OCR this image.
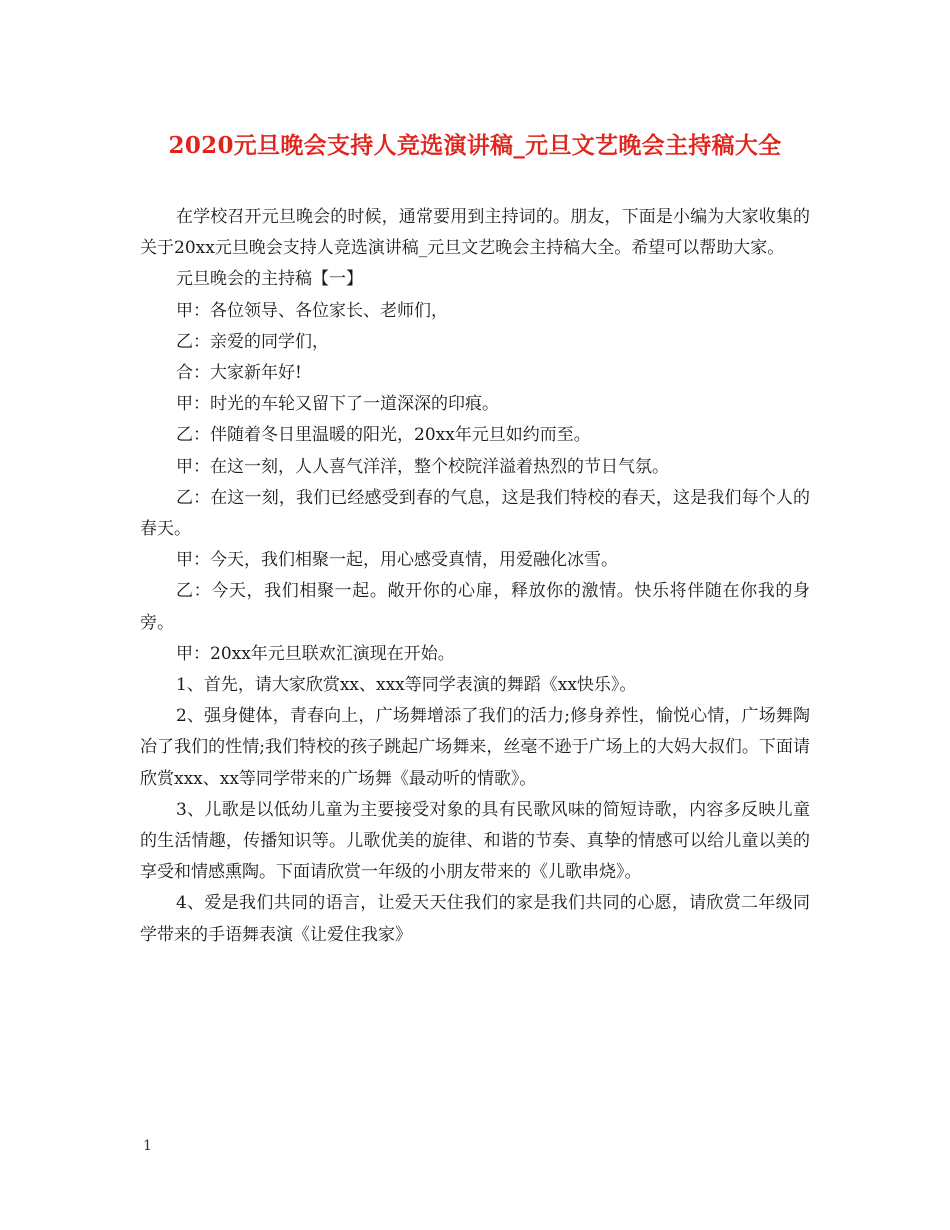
2020元旦晚会支持人竞选演讲稿_元旦文艺晚会主持稿大全

在学校召开元旦晚会的时候，通常要用到主持词的。朋友，下面是小编为大家收集的关于20xx元旦晚会支持人竞选演讲稿_元旦文艺晚会主持稿大全。希望可以帮助大家。

元旦晚会的主持稿【一】

甲：各位领导、各位家长、老师们，

乙：亲爱的同学们，

合：大家新年好!

甲：时光的车轮又留下了一道深深的印痕。

乙：伴随着冬日里温暖的阳光，20xx年元旦如约而至。

甲：在这一刻，人人喜气洋洋，整个校院洋溢着热烈的节日气氛。

乙：在这一刻，我们已经感受到春的气息，这是我们特校的春天，这是我们每个人的春天。

甲：今天，我们相聚一起，用心感受真情，用爱融化冰雪。

乙：今天，我们相聚一起。敞开你的心扉，释放你的激情。快乐将伴随在你我的身旁。

甲：20xx年元旦联欢汇演现在开始。

1、首先，请大家欣赏xx、xxx等同学表演的舞蹈《xx快乐》。

2、强身健体，青春向上，广场舞增添了我们的活力;修身养性，愉悦心情，广场舞陶冶了我们的性情;我们特校的孩子跳起广场舞来，丝毫不逊于广场上的大妈大叔们。下面请欣赏xxx、xx等同学带来的广场舞《最动听的情歌》。

3、儿歌是以低幼儿童为主要接受对象的具有民歌风味的简短诗歌，内容多反映儿童的生活情趣，传播知识等。儿歌优美的旋律、和谐的节奏、真挚的情感可以给儿童以美的享受和情感熏陶。下面请欣赏一年级的小朋友带来的《儿歌串烧》。

4、爱是我们共同的语言，让爱天天住我们的家是我们共同的心愿，请欣赏二年级同学带来的手语舞表演《让爱住我家》

1
